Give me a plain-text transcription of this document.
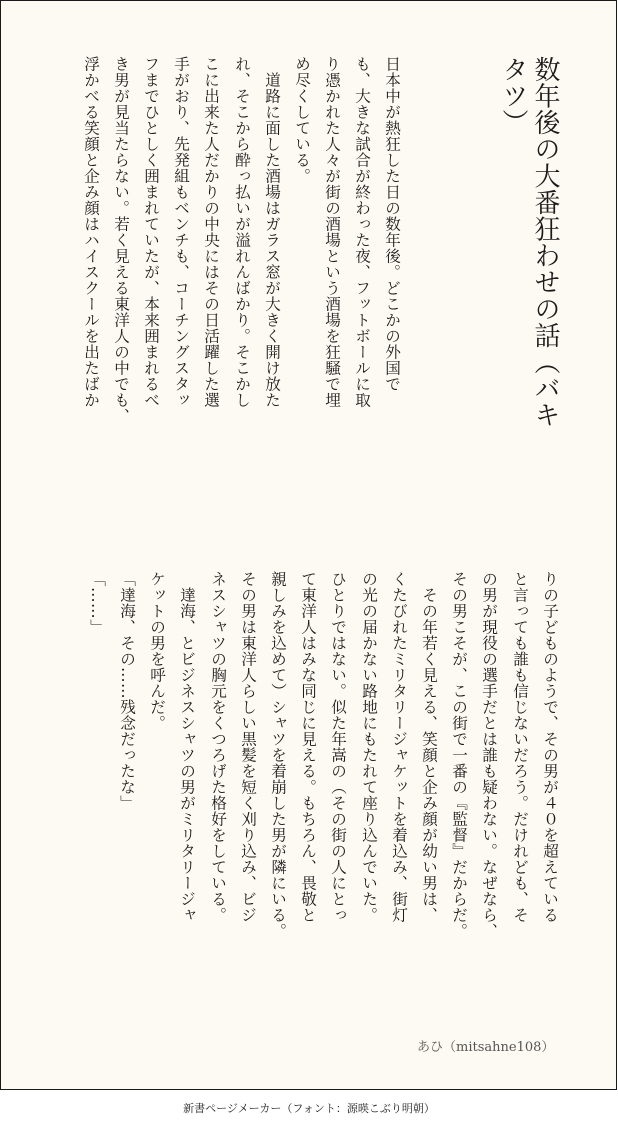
数年後の大番狂わせの話（バキ
タツ）
日本中が熱狂した日の数年後。どこかの外国で
も、大きな試合が終わった夜、フットボールに取
り憑かれた人々が街の酒場という酒場を狂騒で埋
め尽くしている。
　道路に面した酒場はガラス窓が大きく開け放た
れ、そこから酔っ払いが溢れんばかり。そこかし
こに出来た人だかりの中央にはその日活躍した選
手がおり、先発組もベンチも、コーチングスタッ
フまでひとしく囲まれていたが、本来囲まれるべ
き男が見当たらない。若く見える東洋人の中でも、
浮かべる笑顔と企み顔はハイスクールを出たばか
りの子どものようで、その男が４０を超えている
と言っても誰も信じないだろう。だけれども、そ
の男が現役の選手だとは誰も疑わない。なぜなら、
その男こそが、この街で一番の『監督』だからだ。
　その年若く見える、笑顔と企み顔が幼い男は、
くたびれたミリタリージャケットを着込み、街灯
の光の届かない路地にもたれて座り込んでいた。
ひとりではない。似た年嵩の（その街の人にとっ
て東洋人はみな同じに見える。もちろん、畏敬と
親しみを込めて）シャツを着崩した男が隣にいる。
その男は東洋人らしい黒髪を短く刈り込み、ビジ
ネスシャツの胸元をくつろげた格好をしている。
　達海、とビジネスシャツの男がミリタリージャ
ケットの男を呼んだ。
「達海、その……残念だったな」
「……」
あひ（mitsahne108）
新書ページメーカー（フォント：源暎こぶり明朝）
